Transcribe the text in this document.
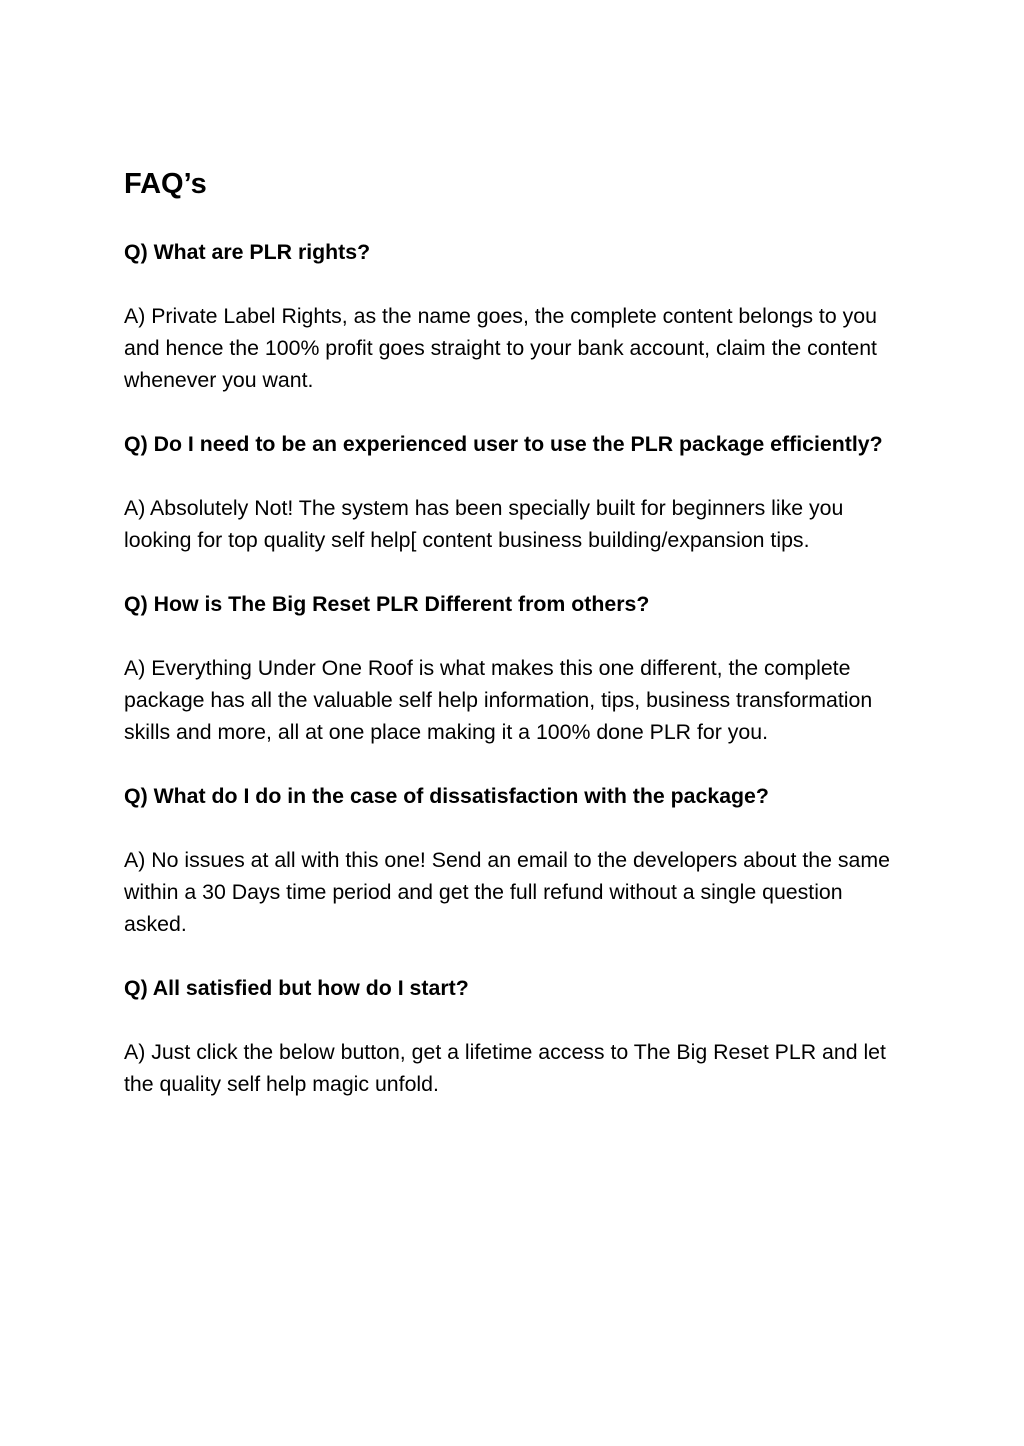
FAQ’s

Q) What are PLR rights?

A) Private Label Rights, as the name goes, the complete content belongs to you and hence the 100% profit goes straight to your bank account, claim the content whenever you want.

Q) Do I need to be an experienced user to use the PLR package efficiently?

A) Absolutely Not! The system has been specially built for beginners like you looking for top quality self help[ content business building/expansion tips.

Q) How is The Big Reset PLR Different from others?

A) Everything Under One Roof is what makes this one different, the complete package has all the valuable self help information, tips, business transformation skills and more, all at one place making it a 100% done PLR for you.

Q) What do I do in the case of dissatisfaction with the package?

A) No issues at all with this one! Send an email to the developers about the same within a 30 Days time period and get the full refund without a single question asked.

Q) All satisfied but how do I start?

A) Just click the below button, get a lifetime access to The Big Reset PLR and let the quality self help magic unfold.
